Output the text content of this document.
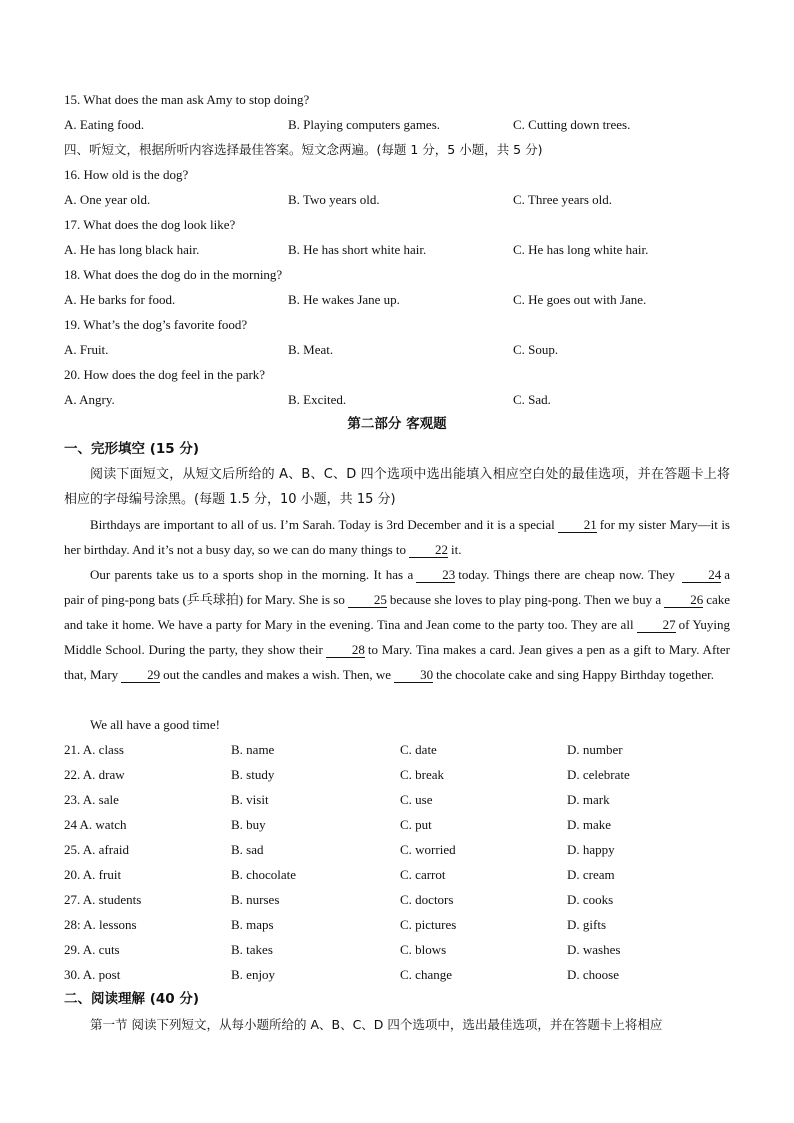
15. What does the man ask Amy to stop doing?
A. Eating food.	B. Playing computers games.	C. Cutting down trees.
四、听短文，根据所听内容选择最佳答案。短文念两遍。(每题 1 分，5 小题，共 5 分)
16. How old is the dog?
A. One year old.	B. Two years old.	C. Three years old.
17. What does the dog look like?
A. He has long black hair.	B. He has short white hair.	C. He has long white hair.
18. What does the dog do in the morning?
A. He barks for food.	B. He wakes Jane up.	C. He goes out with Jane.
19. What’s the dog’s favorite food?
A. Fruit.	B. Meat.	C. Soup.
20. How does the dog feel in the park?
A. Angry.	B. Excited.	C. Sad.
第二部分 客观题
一、完形填空 (15 分)
阅读下面短文，从短文后所给的 A、B、C、D 四个选项中选出能填入相应空白处的最佳选项，并在答题卡上将相应的字母编号涂黑。(每题 1.5 分，10 小题，共 15 分)
Birthdays are important to all of us. I’m Sarah. Today is 3rd December and it is a special 21 for my sister Mary—it is her birthday. And it’s not a busy day, so we can do many things to 22 it.
Our parents take us to a sports shop in the morning. It has a 23 today. Things there are cheap now. They	24 a pair of ping-pong bats (乒乓球拍) for Mary. She is so 25 because she loves to play ping-pong. Then we buy a 26 cake and take it home. We have a party for Mary in the evening. Tina and Jean come to the party too. They are all 27 of Yuying Middle School. During the party, they show their 28 to Mary. Tina makes a card. Jean gives a pen as a gift to Mary. After that, Mary 29 out the candles and makes a wish. Then, we 30 the chocolate cake and sing Happy Birthday together.
We all have a good time!
21. A. class	B. name	C. date	D. number
22. A. draw	B. study	C. break	D. celebrate
23. A. sale	B. visit	C. use	D. mark
24 A. watch	B. buy	C. put	D. make
25. A. afraid	B. sad	C. worried	D. happy
20. A. fruit	B. chocolate	C. carrot	D. cream
27. A. students	B. nurses	C. doctors	D. cooks
28: A. lessons	B. maps	C. pictures	D. gifts
29. A. cuts	B. takes	C. blows	D. washes
30. A. post	B. enjoy	C. change	D. choose
二、阅读理解 (40 分)
第一节 阅读下列短文，从每小题所给的 A、B、C、D 四个选项中，选出最佳选项，并在答题卡上将相应
